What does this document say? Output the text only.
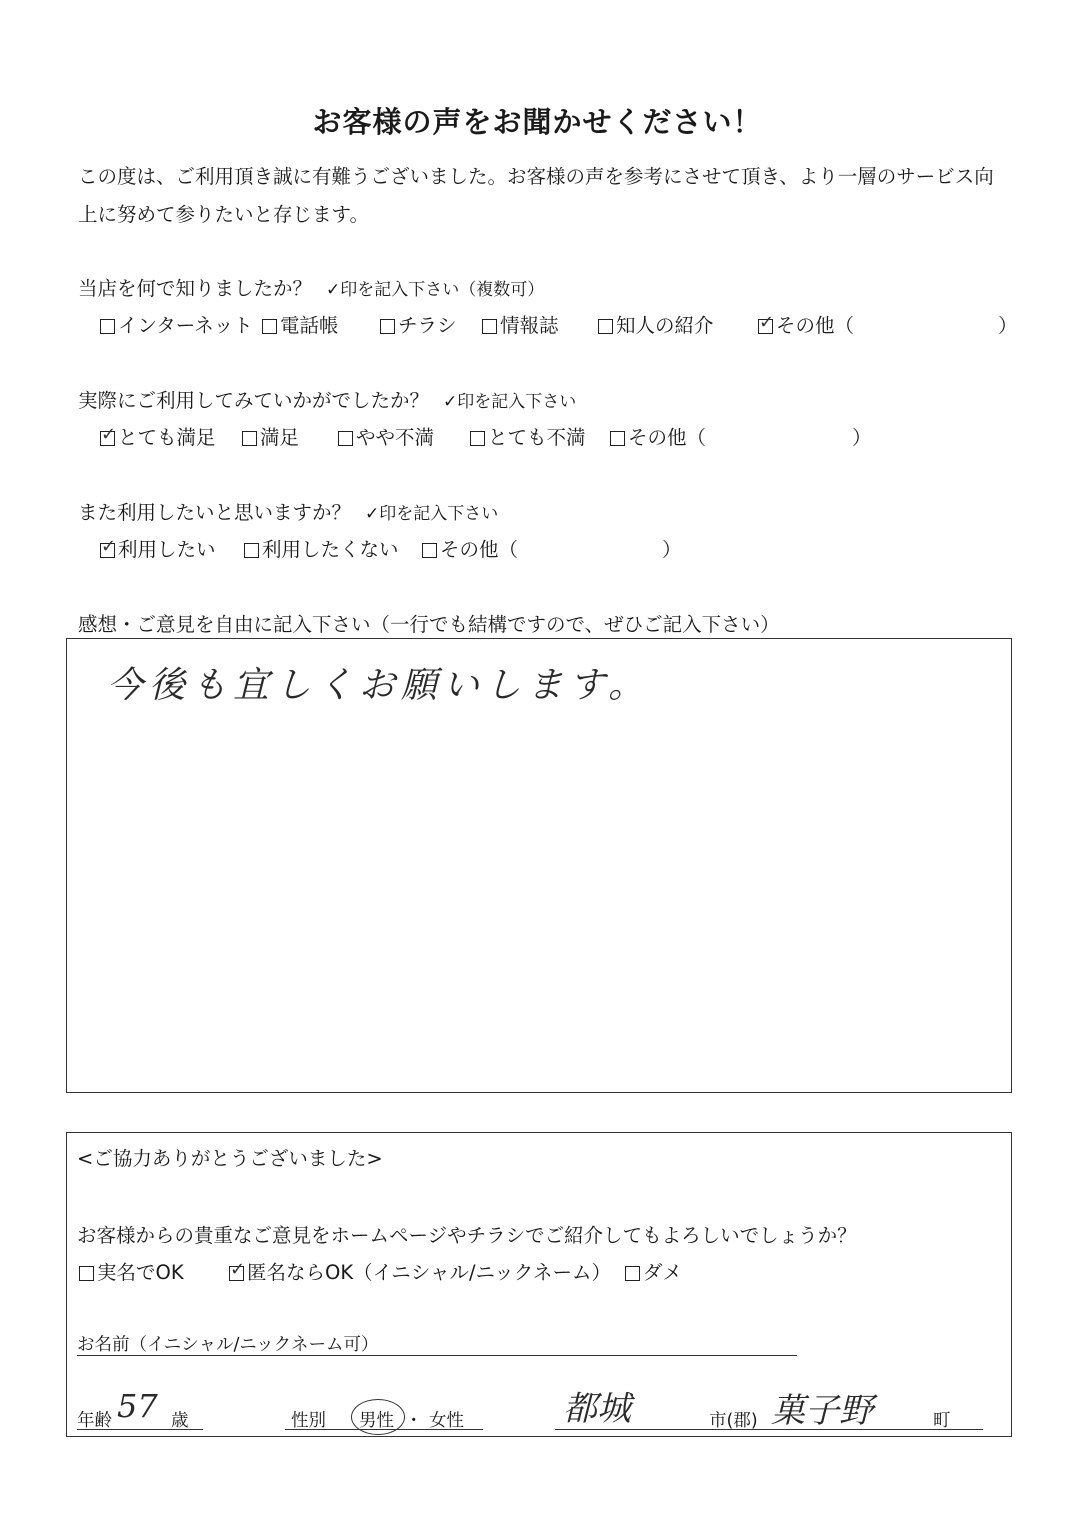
お客様の声をお聞かせください！
この度は、ご利用頂き誠に有難うございました。お客様の声を参考にさせて頂き、より一層のサービス向上に努めて参りたいと存じます。
当店を何で知りましたか？ ✓印を記入下さい（複数可）
インターネット	電話帳	チラシ	情報誌	知人の紹介 ✓	その他（	）
実際にご利用してみていかがでしたか？ ✓印を記入下さい
✓とても満足	満足	やや不満	とても不満	その他（	）
また利用したいと思いますか？ ✓印を記入下さい
✓利用したい	利用したくない	その他（	）
感想・ご意見を自由に記入下さい（一行でも結構ですので、ぜひご記入下さい）
今後も宜しくお願いします。
<ご協力ありがとうございました>
お客様からの貴重なご意見をホームページやチラシでご紹介してもよろしいでしょうか？
実名でOK ✓	匿名ならOK（イニシャル/ニックネーム）	ダメ
お名前（イニシャル/ニックネーム可）
年齢 57 歳	性別 男性 ・ 女性	都城	市(郡) 菓子野	町
